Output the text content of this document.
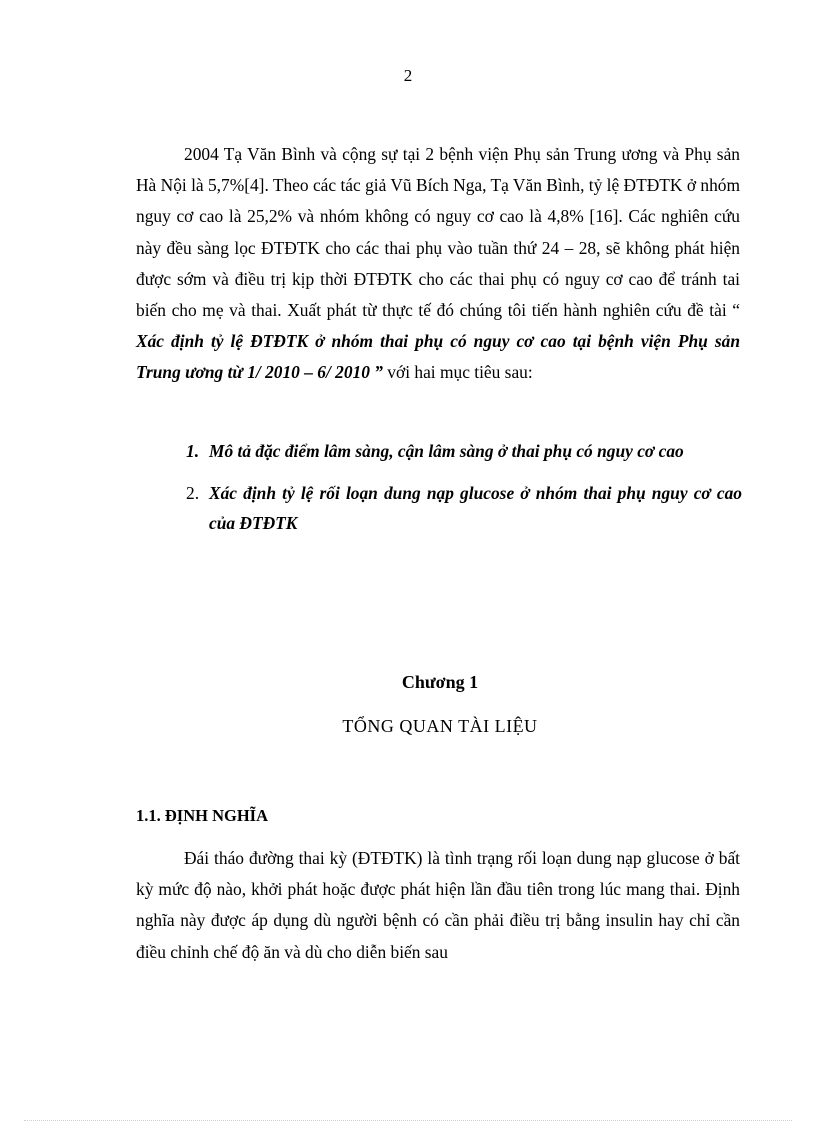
2
2004 Tạ Văn Bình và cộng sự tại 2 bệnh viện Phụ sản Trung ương và Phụ sản Hà Nội là 5,7%[4]. Theo các tác giả Vũ Bích Nga, Tạ Văn Bình, tỷ lệ ĐTĐTK ở nhóm nguy cơ cao là 25,2% và nhóm không có nguy cơ cao là 4,8% [16]. Các nghiên cứu này đều sàng lọc ĐTĐTK cho các thai phụ vào tuần thứ 24 – 28, sẽ không phát hiện được sớm và điều trị kịp thời ĐTĐTK cho các thai phụ có nguy cơ cao để tránh tai biến cho mẹ và thai. Xuất phát từ thực tế đó chúng tôi tiến hành nghiên cứu đề tài “ Xác định tỷ lệ ĐTĐTK ở nhóm thai phụ có nguy cơ cao tại bệnh viện Phụ sản Trung ương từ 1/ 2010 – 6/ 2010 ” với hai mục tiêu sau:
1. Mô tả đặc điểm lâm sàng, cận lâm sàng ở thai phụ có nguy cơ cao
2. Xác định tỷ lệ rối loạn dung nạp glucose ở nhóm thai phụ nguy cơ cao của ĐTĐTK
Chương 1
TỔNG QUAN TÀI LIỆU
1.1. ĐỊNH NGHĨA
Đái tháo đường thai kỳ (ĐTĐTK) là tình trạng rối loạn dung nạp glucose ở bất kỳ mức độ nào, khởi phát hoặc được phát hiện lần đầu tiên trong lúc mang thai. Định nghĩa này được áp dụng dù người bệnh có cần phải điều trị bằng insulin hay chỉ cần điều chỉnh chế độ ăn và dù cho diễn biến sau
